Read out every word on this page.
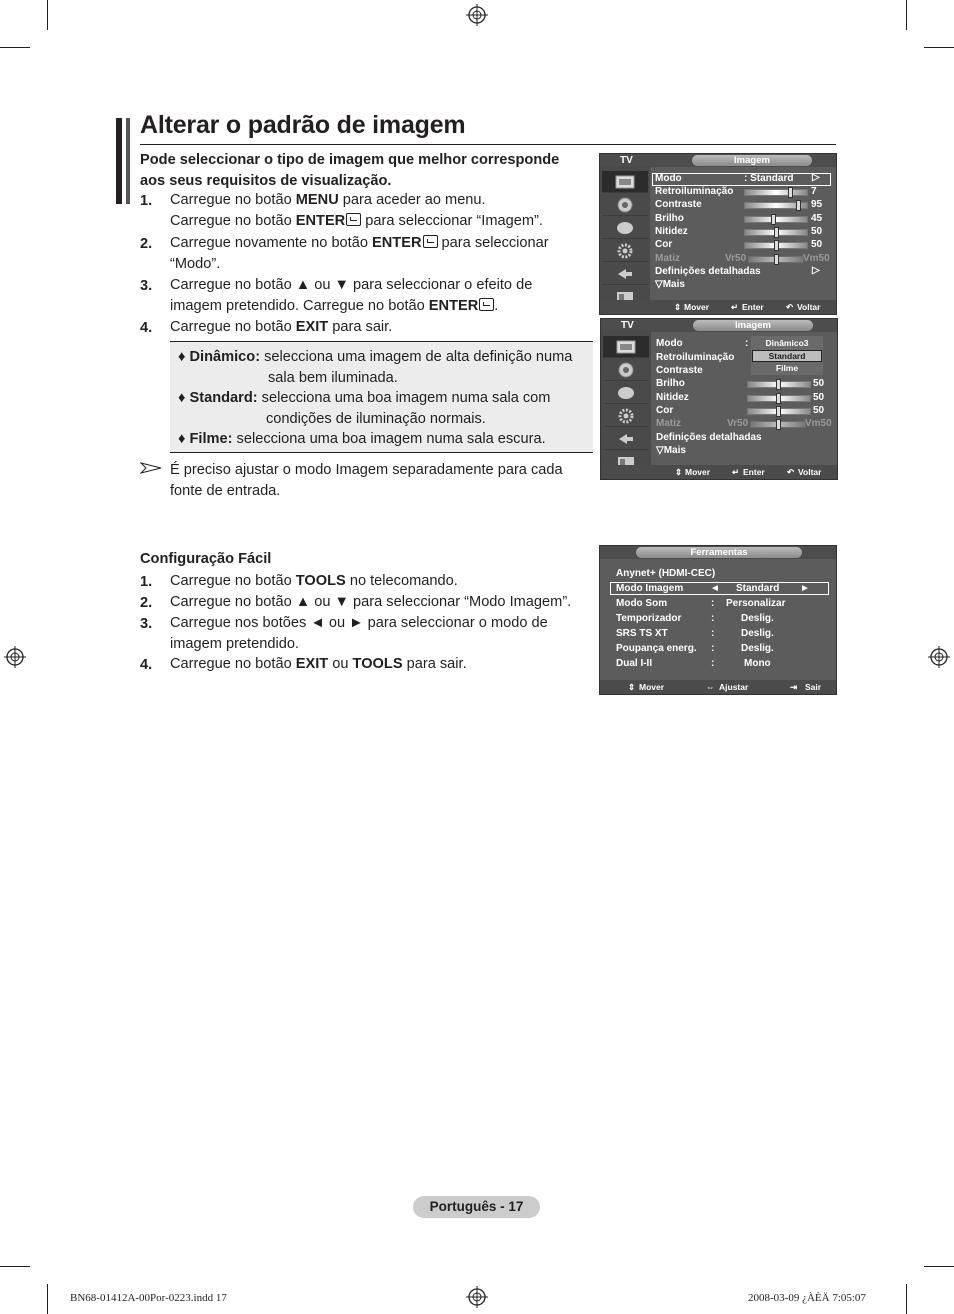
Alterar o padrão de imagem
Pode seleccionar o tipo de imagem que melhor corresponde
aos seus requisitos de visualização.
1. Carregue no botão MENU para aceder ao menu.
Carregue no botão ENTER para seleccionar “Imagem”.
2. Carregue novamente no botão ENTER para seleccionar
“Modo”.
3. Carregue no botão ▲ ou ▼ para seleccionar o efeito de
imagem pretendido. Carregue no botão ENTER .
4. Carregue no botão EXIT para sair.
♦ Dinâmico: selecciona uma imagem de alta definição numa
sala bem iluminada.
♦ Standard: selecciona uma boa imagem numa sala com
condições de iluminação normais.
♦ Filme: selecciona uma boa imagem numa sala escura.
É preciso ajustar o modo Imagem separadamente para cada
fonte de entrada.
Configuração Fácil
1. Carregue no botão TOOLS no telecomando.
2. Carregue no botão ▲ ou ▼ para seleccionar “Modo Imagem”.
3. Carregue nos botões ◄ ou ► para seleccionar o modo de
imagem pretendido.
4. Carregue no botão EXIT ou TOOLS para sair.
TV	Imagem
Modo	: Standard ▷
Retroiluminação	7
Contraste	95
Brilho	45
Nitidez	50
Cor	50
Matiz	Vr50	Vm50
Definições detalhadas	▷
▽Mais
⇕ Mover	↵ Enter	↶ Voltar
TV	Imagem
Modo	:
Retroiluminação
Contraste
Brilho	50
Nitidez	50
Cor	50
Matiz	Vr50	Vm50
Definições detalhadas
▽Mais
Dinâmico3
Standard
Filme
⇕ Mover	↵ Enter	↶ Voltar
Ferramentas
Anynet+ (HDMI-CEC)
Modo Imagem	◄ Standard ►
Modo Som	: Personalizar
Temporizador	:	Deslig.
SRS TS XT	:	Deslig.
Poupança energ. :	Deslig.
Dual I-II	:	Mono
⇕ Mover	⇔ Ajustar	⇥ Sair
Português - 17
BN68-01412A-00Por-0223.indd 17	2008-03-09 ¿ÀÈÄ 7:05:07
